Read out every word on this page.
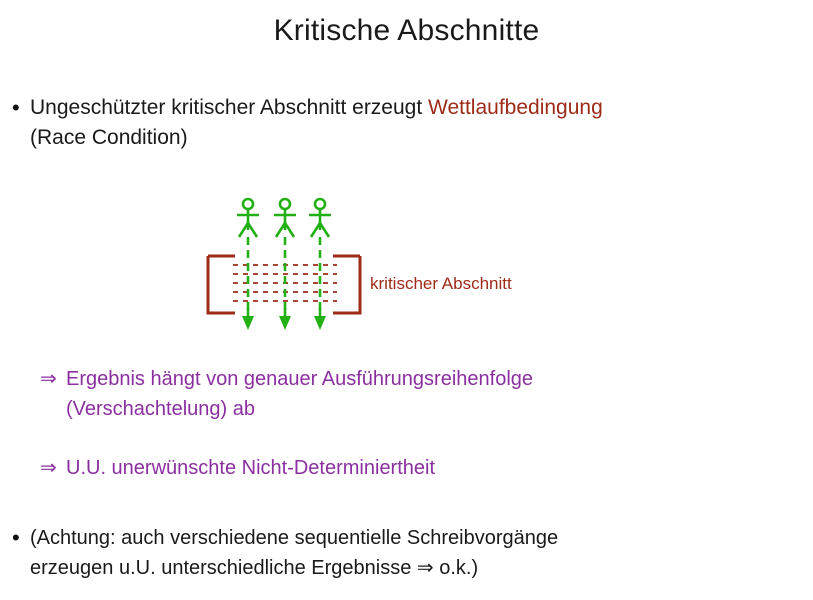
Kritische Abschnitte
• Ungeschützter kritischer Abschnitt erzeugt Wettlaufbedingung
(Race Condition)
kritischer Abschnitt
⇒ Ergebnis hängt von genauer Ausführungsreihenfolge
(Verschachtelung) ab
⇒ U.U. unerwünschte Nicht-Determiniertheit
• (Achtung: auch verschiedene sequentielle Schreibvorgänge
erzeugen u.U. unterschiedliche Ergebnisse ⇒ o.k.)
